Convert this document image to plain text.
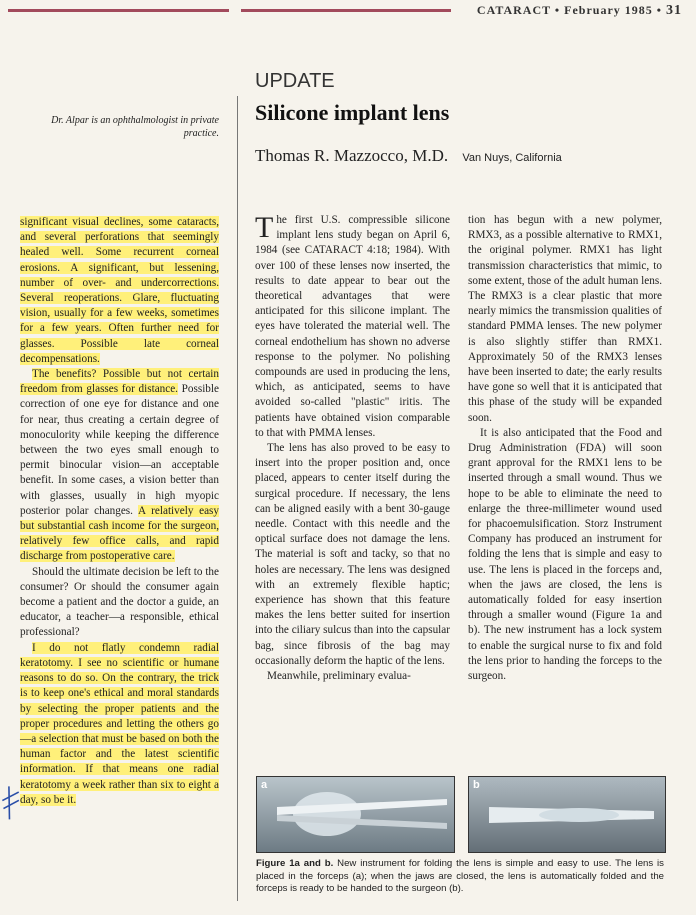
CATARACT • February 1985 • 31
UPDATE
Silicone implant lens
Thomas R. Mazzocco, M.D. Van Nuys, California
Dr. Alpar is an ophthalmologist in private practice.

significant visual declines, some cataracts, and several perforations that seemingly healed well. Some recurrent corneal erosions. A significant, but lessening, number of over- and undercorrections. Several reoperations. Glare, fluctuating vision, usually for a few weeks, sometimes for a few years. Often further need for glasses. Possible late corneal decompensations.

The benefits? Possible but not certain freedom from glasses for distance. Possible correction of one eye for distance and one for near, thus creating a certain degree of monoculority while keeping the difference between the two eyes small enough to permit binocular vision—an acceptable benefit. In some cases, a vision better than with glasses, usually in high myopic posterior polar changes. A relatively easy but substantial cash income for the surgeon, relatively few office calls, and rapid discharge from postoperative care.

Should the ultimate decision be left to the consumer? Or should the consumer again become a patient and the doctor a guide, an educator, a teacher—a responsible, ethical professional?

I do not flatly condemn radial keratotomy. I see no scientific or humane reasons to do so. On the contrary, the trick is to keep one's ethical and moral standards by selecting the proper patients and the proper procedures and letting the others go—a selection that must be based on both the human factor and the latest scientific information. If that means one radial keratotomy a week rather than six to eight a day, so be it.

The first U.S. compressible silicone implant lens study began on April 6, 1984 (see CATARACT 4:18; 1984). With over 100 of these lenses now inserted, the results to date appear to bear out the theoretical advantages that were anticipated for this silicone implant. The eyes have tolerated the material well. The corneal endothelium has shown no adverse response to the polymer. No polishing compounds are used in producing the lens, which, as anticipated, seems to have avoided so-called "plastic" iritis. The patients have obtained vision comparable to that with PMMA lenses.

The lens has also proved to be easy to insert into the proper position and, once placed, appears to center itself during the surgical procedure. If necessary, the lens can be aligned easily with a bent 30-gauge needle. Contact with this needle and the optical surface does not damage the lens. The material is soft and tacky, so that no holes are necessary. The lens was designed with an extremely flexible haptic; experience has shown that this feature makes the lens better suited for insertion into the ciliary sulcus than into the capsular bag, since fibrosis of the bag may occasionally deform the haptic of the lens.

Meanwhile, preliminary evalua-

tion has begun with a new polymer, RMX3, as a possible alternative to RMX1, the original polymer. RMX1 has light transmission characteristics that mimic, to some extent, those of the adult human lens. The RMX3 is a clear plastic that more nearly mimics the transmission qualities of standard PMMA lenses. The new polymer is also slightly stiffer than RMX1. Approximately 50 of the RMX3 lenses have been inserted to date; the early results have gone so well that it is anticipated that this phase of the study will be expanded soon.

It is also anticipated that the Food and Drug Administration (FDA) will soon grant approval for the RMX1 lens to be inserted through a small wound. Thus we hope to be able to eliminate the need to enlarge the three-millimeter wound used for phacoemulsification. Storz Instrument Company has produced an instrument for folding the lens that is simple and easy to use. The lens is placed in the forceps and, when the jaws are closed, the lens is automatically folded for easy insertion through a smaller wound (Figure 1a and b). The new instrument has a lock system to enable the surgical nurse to fix and fold the lens prior to handing the forceps to the surgeon.

a	b
Figure 1a and b. New instrument for folding the lens is simple and easy to use. The lens is placed in the forceps (a); when the jaws are closed, the lens is automatically folded and the forceps is ready to be handed to the surgeon (b).
